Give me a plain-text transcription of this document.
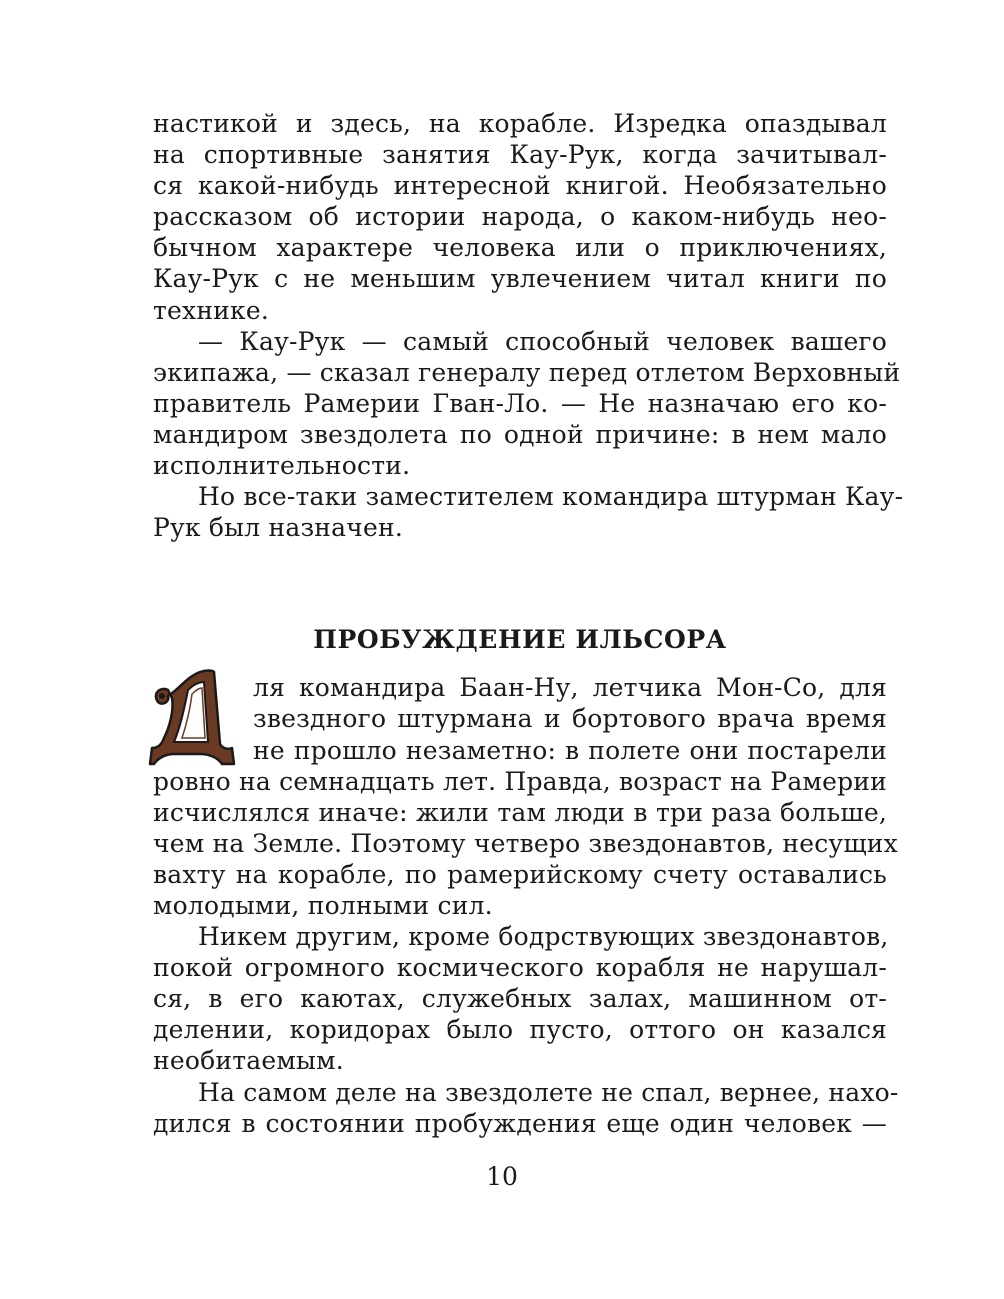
настикой и здесь, на корабле. Изредка опаздывал
на спортивные занятия Кау-Рук, когда зачитывал-
ся какой-нибудь интересной книгой. Необязательно
рассказом об истории народа, о каком-нибудь нео-
бычном характере человека или о приключениях,
Кау-Рук с не меньшим увлечением читал книги по
технике.
— Кау-Рук — самый способный человек вашего
экипажа, — сказал генералу перед отлетом Верховный
правитель Рамерии Гван-Ло. — Не назначаю его ко-
мандиром звездолета по одной причине: в нем мало
исполнительности.
Но все-таки заместителем командира штурман Кау-
Рук был назначен.
ПРОБУЖДЕНИЕ ИЛЬСОРА
ля командира Баан-Ну, летчика Мон-Со, для
звездного штурмана и бортового врача время
не прошло незаметно: в полете они постарели
ровно на семнадцать лет. Правда, возраст на Рамерии
исчислялся иначе: жили там люди в три раза больше,
чем на Земле. Поэтому четверо звездонавтов, несущих
вахту на корабле, по рамерийскому счету оставались
молодыми, полными сил.
Никем другим, кроме бодрствующих звездонавтов,
покой огромного космического корабля не нарушал-
ся, в его каютах, служебных залах, машинном от-
делении, коридорах было пусто, оттого он казался
необитаемым.
На самом деле на звездолете не спал, вернее, нахо-
дился в состоянии пробуждения еще один человек —
10
